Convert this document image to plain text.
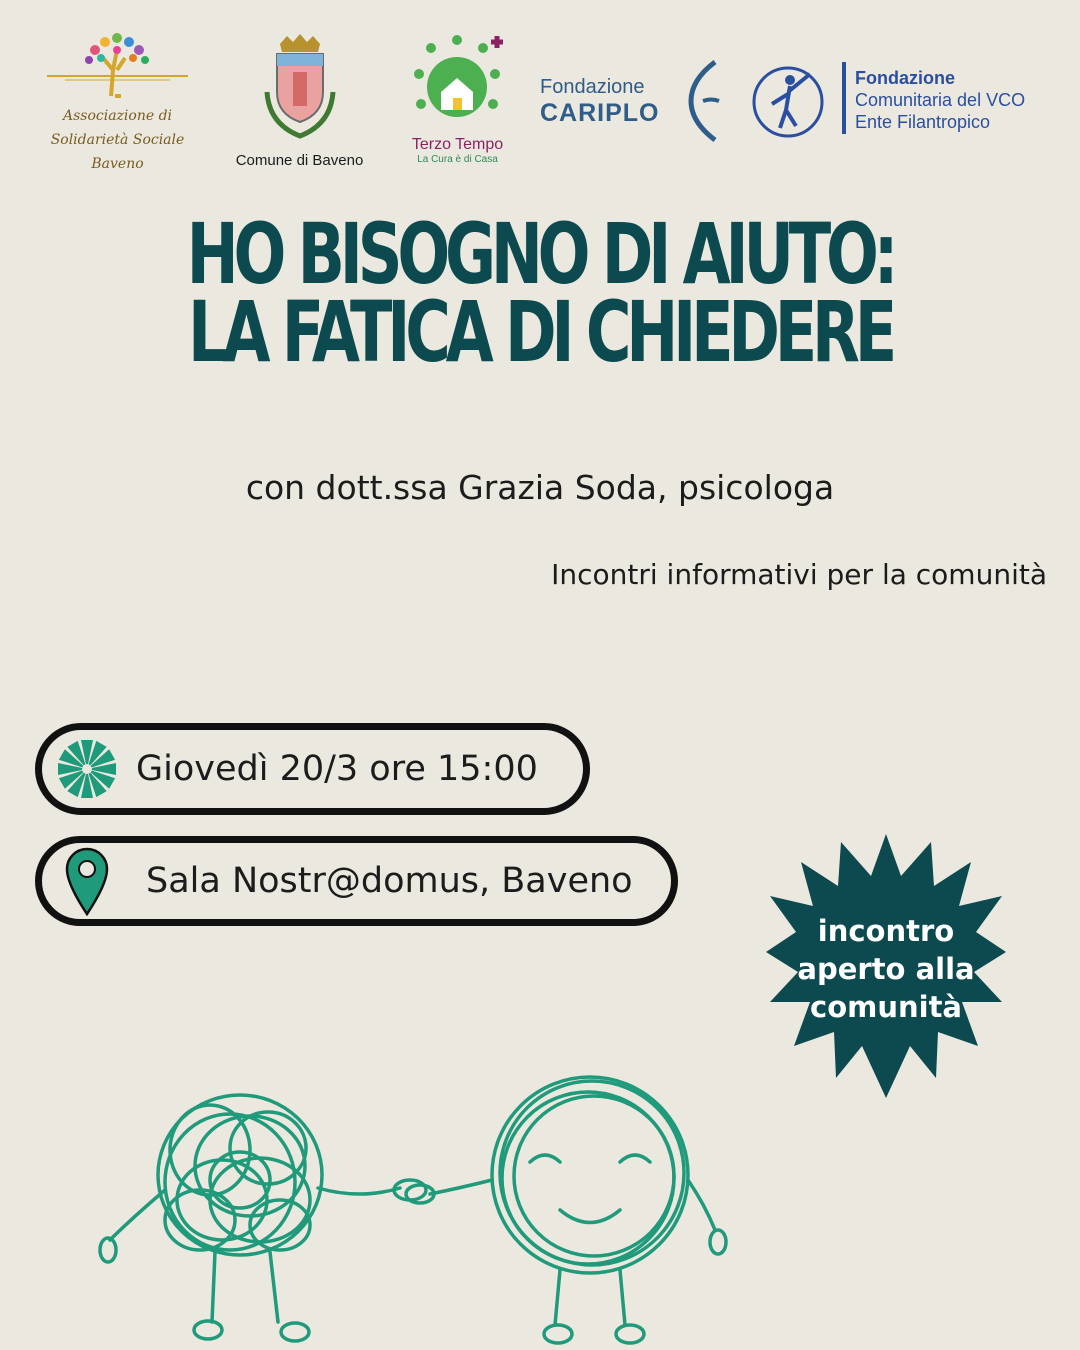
Associazione di
Solidarietà Sociale
Baveno	Comune di Baveno
Terzo Tempo
La Cura è di Casa
Fondazione
CARIPLO
Fondazione
Comunitaria del VCO
Ente Filantropico
HO BISOGNO DI AIUTO:
LA FATICA DI CHIEDERE
con dott.ssa Grazia Soda, psicologa
Incontri informativi per la comunità
Giovedì 20/3 ore 15:00
Sala Nostr@domus, Baveno
incontro
aperto alla
comunità
